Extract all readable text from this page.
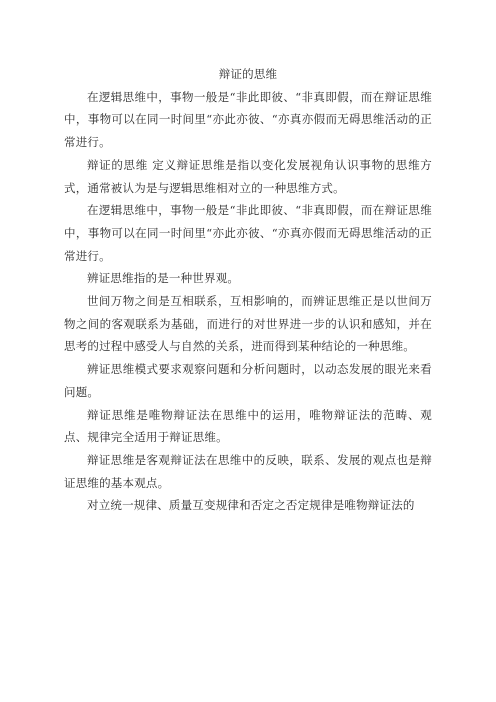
辩证的思维

在逻辑思维中，事物一般是“非此即彼、“非真即假，而在辩证思维中，事物可以在同一时间里“亦此亦彼、“亦真亦假而无碍思维活动的正常进行。

辩证的思维 定义辩证思维是指以变化发展视角认识事物的思维方式，通常被认为是与逻辑思维相对立的一种思维方式。

在逻辑思维中，事物一般是“非此即彼、“非真即假，而在辩证思维中，事物可以在同一时间里“亦此亦彼、“亦真亦假而无碍思维活动的正常进行。

辨证思维指的是一种世界观。

世间万物之间是互相联系，互相影响的，而辨证思维正是以世间万物之间的客观联系为基础，而进行的对世界进一步的认识和感知，并在思考的过程中感受人与自然的关系，进而得到某种结论的一种思维。

辨证思维模式要求观察问题和分析问题时，以动态发展的眼光来看问题。

辩证思维是唯物辩证法在思维中的运用，唯物辩证法的范畴、观点、规律完全适用于辩证思维。

辩证思维是客观辩证法在思维中的反映，联系、发展的观点也是辩证思维的基本观点。

对立统一规律、质量互变规律和否定之否定规律是唯物辩证法的
